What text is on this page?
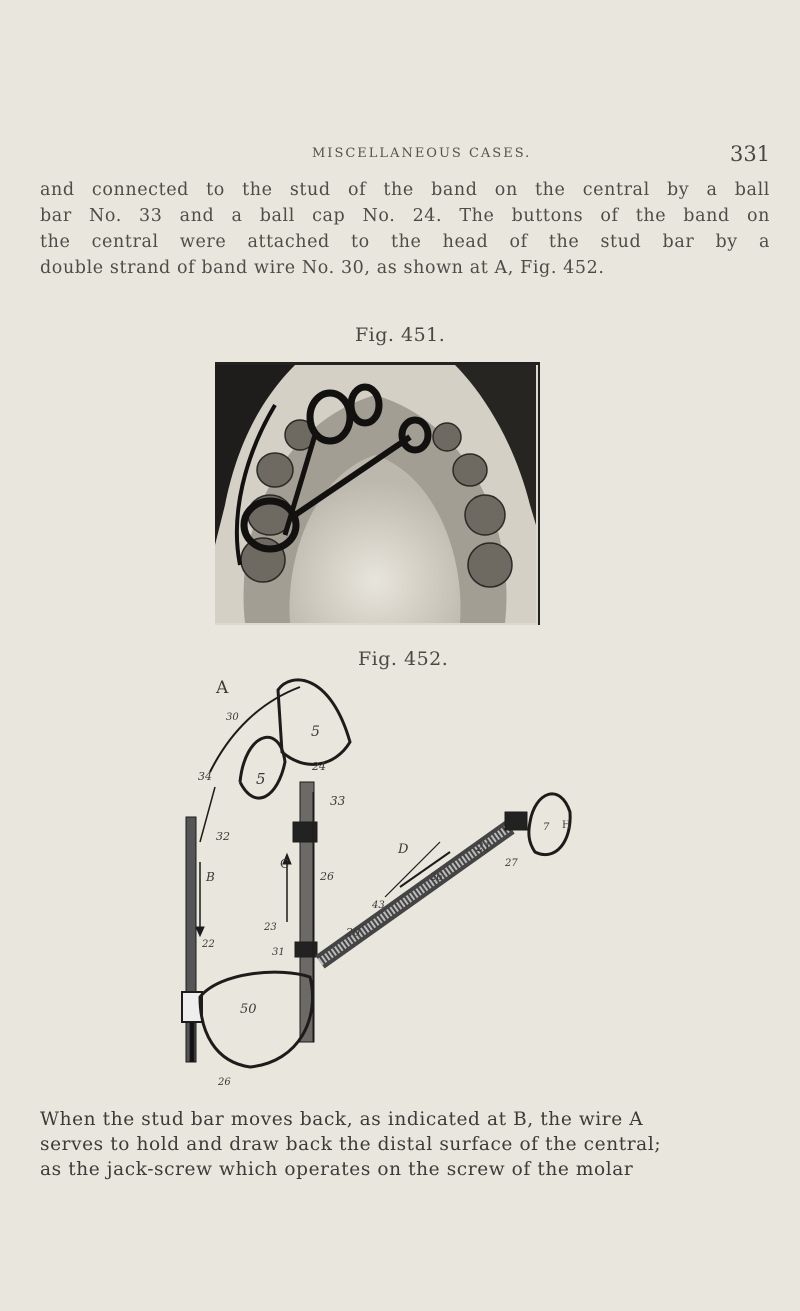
MISCELLANEOUS CASES.	331

and connected to the stud of the band on the central by a ball
bar No. 33 and a ball cap No. 24. The buttons of the band on
the central were attached to the head of the stud bar by a
double strand of band wire No. 30, as shown at A, Fig. 452.

Fig. 451.
Fig. 452.
A
30
34	5
5
24
33
32
B
C
26
23
31
22
50
26
D
43
20
21
27
26
7 H

When the stud bar moves back, as indicated at B, the wire A
serves to hold and draw back the distal surface of the central;
as the jack-screw which operates on the screw of the molar
